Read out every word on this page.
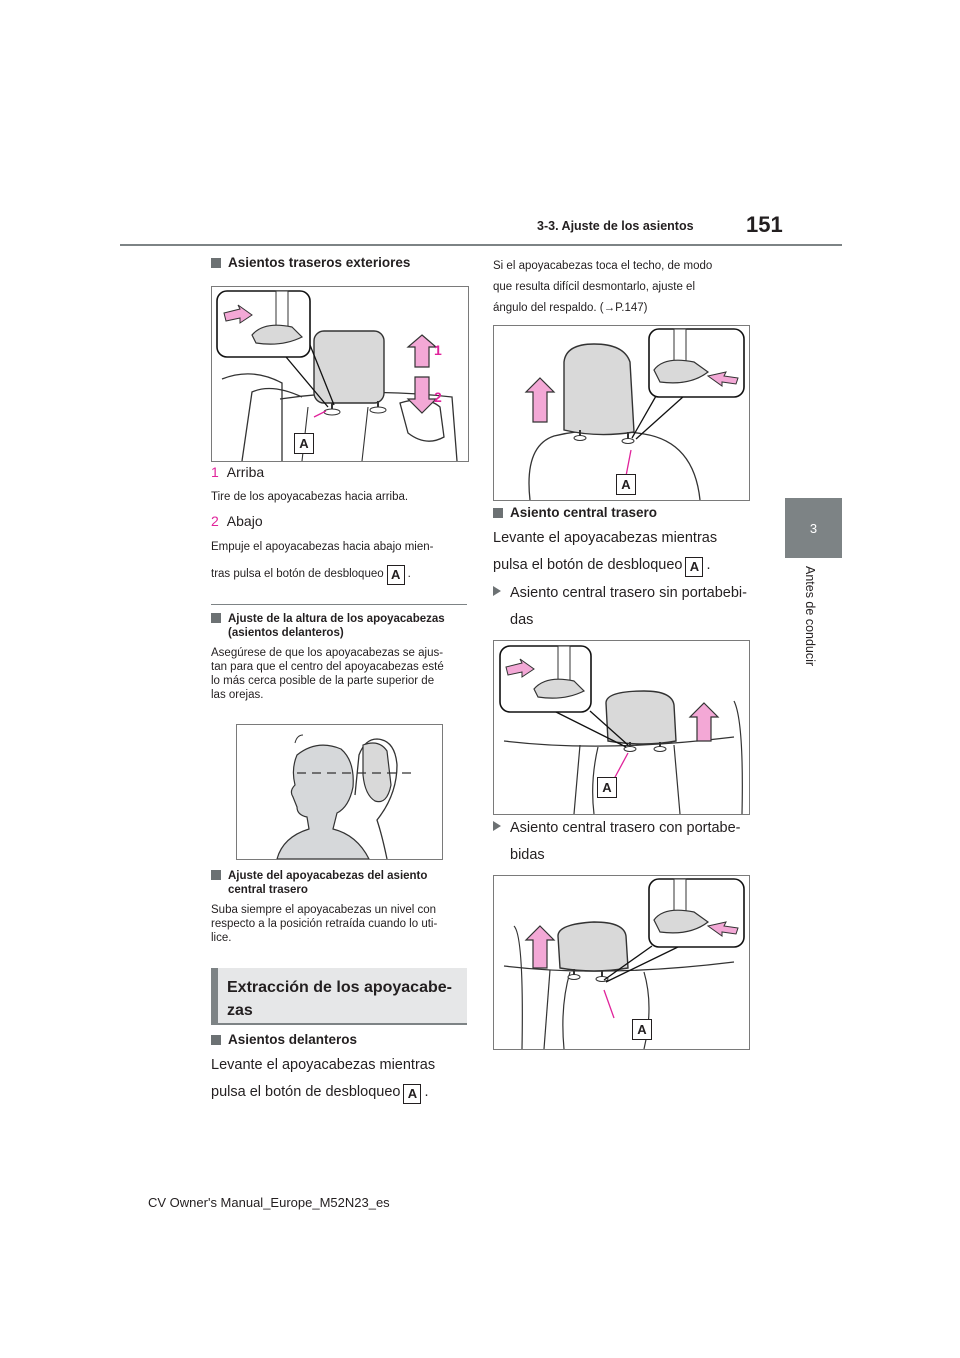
3-3. Ajuste de los asientos 151
3
Antes de conducir
Asientos traseros exteriores
A
1
2
1 Arriba
Tire de los apoyacabezas hacia arriba.
2 Abajo
Empuje el apoyacabezas hacia abajo mien-
tras pulsa el botón de desbloqueo A .
Ajuste de la altura de los apoyacabezas
(asientos delanteros)
Asegúrese de que los apoyacabezas se ajus-
tan para que el centro del apoyacabezas esté
lo más cerca posible de la parte superior de
las orejas.
Ajuste del apoyacabezas del asiento
central trasero
Suba siempre el apoyacabezas un nivel con
respecto a la posición retraída cuando lo uti-
lice.
Extracción de los apoyacabe-
zas
Asientos delanteros
Levante el apoyacabezas mientras
pulsa el botón de desbloqueo A .
Si el apoyacabezas toca el techo, de modo
que resulta difícil desmontarlo, ajuste el
ángulo del respaldo. (→P.147)
A
Asiento central trasero
Levante el apoyacabezas mientras
pulsa el botón de desbloqueo A .
Asiento central trasero sin portabebi-
das
A
Asiento central trasero con portabe-
bidas
A
CV Owner's Manual_Europe_M52N23_es
